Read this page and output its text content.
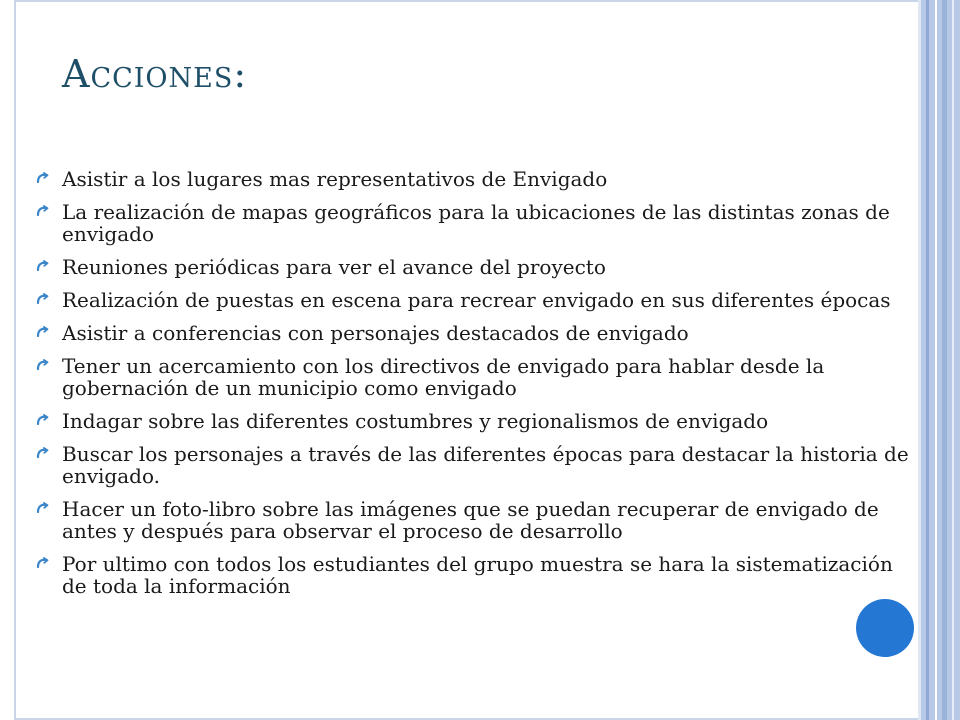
Acciones:
Asistir a los lugares mas representativos de Envigado
La realización de mapas geográficos para la ubicaciones de las distintas zonas de envigado
Reuniones periódicas para ver el avance del proyecto
Realización de puestas en escena para recrear envigado en sus diferentes épocas
Asistir a conferencias con personajes destacados de envigado
Tener un acercamiento con los directivos de envigado para hablar desde la gobernación de un municipio como envigado
Indagar sobre las diferentes costumbres y regionalismos de envigado
Buscar los personajes a través de las diferentes épocas para destacar la historia de envigado.
Hacer un foto-libro sobre las imágenes que se puedan recuperar de envigado de antes y después para observar el proceso de desarrollo
Por ultimo con todos los estudiantes del grupo muestra se hara la sistematización de toda la información
